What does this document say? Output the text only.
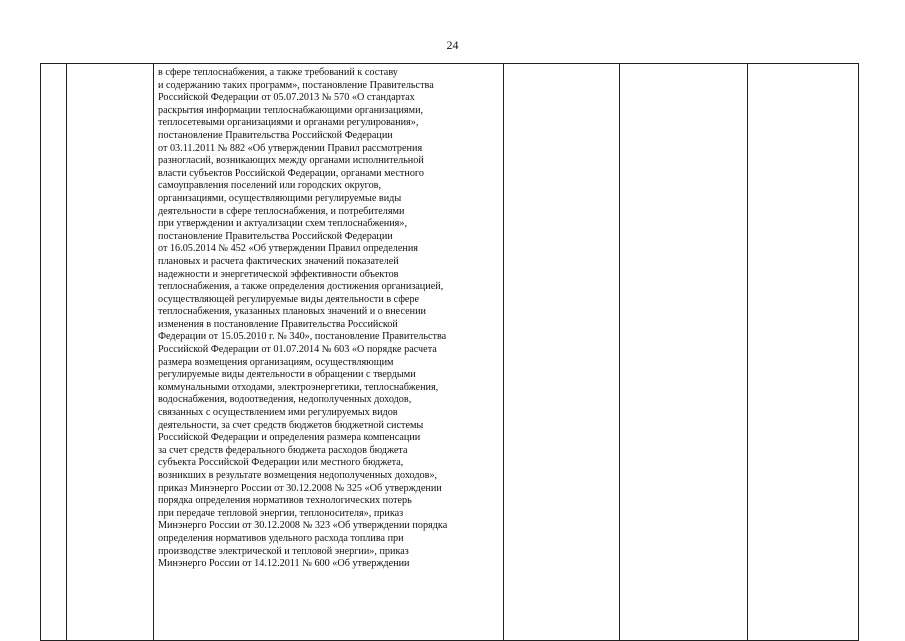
24

в сфере теплоснабжения, а также требований к составу
и содержанию таких программ», постановление Правительства
Российской Федерации от 05.07.2013 № 570 «О стандартах
раскрытия информации теплоснабжающими организациями,
теплосетевыми организациями и органами регулирования»,
постановление Правительства Российской Федерации
от 03.11.2011 № 882 «Об утверждении Правил рассмотрения
разногласий, возникающих между органами исполнительной
власти субъектов Российской Федерации, органами местного
самоуправления поселений или городских округов,
организациями, осуществляющими регулируемые виды
деятельности в сфере теплоснабжения, и потребителями
при утверждении и актуализации схем теплоснабжения»,
постановление Правительства Российской Федерации
от 16.05.2014 № 452 «Об утверждении Правил определения
плановых и расчета фактических значений показателей
надежности и энергетической эффективности объектов
теплоснабжения, а также определения достижения организацией,
осуществляющей регулируемые виды деятельности в сфере
теплоснабжения, указанных плановых значений и о внесении
изменения в постановление Правительства Российской
Федерации от 15.05.2010 г. № 340», постановление Правительства
Российской Федерации от 01.07.2014 № 603 «О порядке расчета
размера возмещения организациям, осуществляющим
регулируемые виды деятельности в обращении с твердыми
коммунальными отходами, электроэнергетики, теплоснабжения,
водоснабжения, водоотведения, недополученных доходов,
связанных с осуществлением ими регулируемых видов
деятельности, за счет средств бюджетов бюджетной системы
Российской Федерации и определения размера компенсации
за счет средств федерального бюджета расходов бюджета
субъекта Российской Федерации или местного бюджета,
возникших в результате возмещения недополученных доходов»,
приказ Минэнерго России от 30.12.2008 № 325 «Об утверждении
порядка определения нормативов технологических потерь
при передаче тепловой энергии, теплоносителя», приказ
Минэнерго России от 30.12.2008 № 323 «Об утверждении порядка
определения нормативов удельного расхода топлива при
производстве электрической и тепловой энергии», приказ
Минэнерго России от 14.12.2011 № 600 «Об утверждении
